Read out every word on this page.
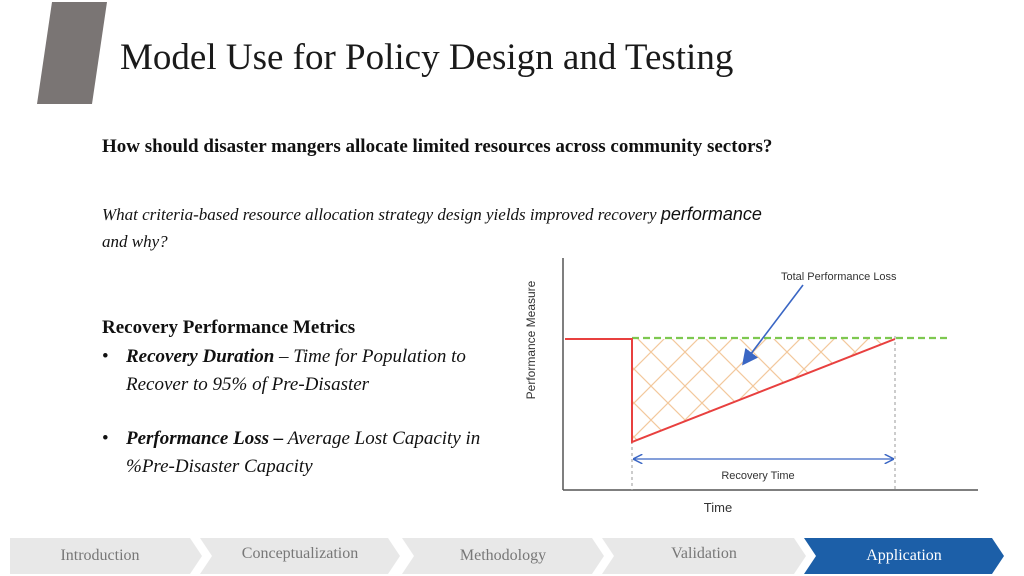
Model Use for Policy Design and Testing
How should disaster mangers allocate limited resources across community sectors?
What criteria-based resource allocation strategy design yields improved recovery performance and why?
Recovery Performance Metrics
• Recovery Duration – Time for Population to Recover to 95% of Pre-Disaster
• Performance Loss – Average Lost Capacity in %Pre-Disaster Capacity
Total Performance Loss
Recovery Time
Performance Measure
Time
Introduction	Conceptualization	Methodology	Validation	Application
